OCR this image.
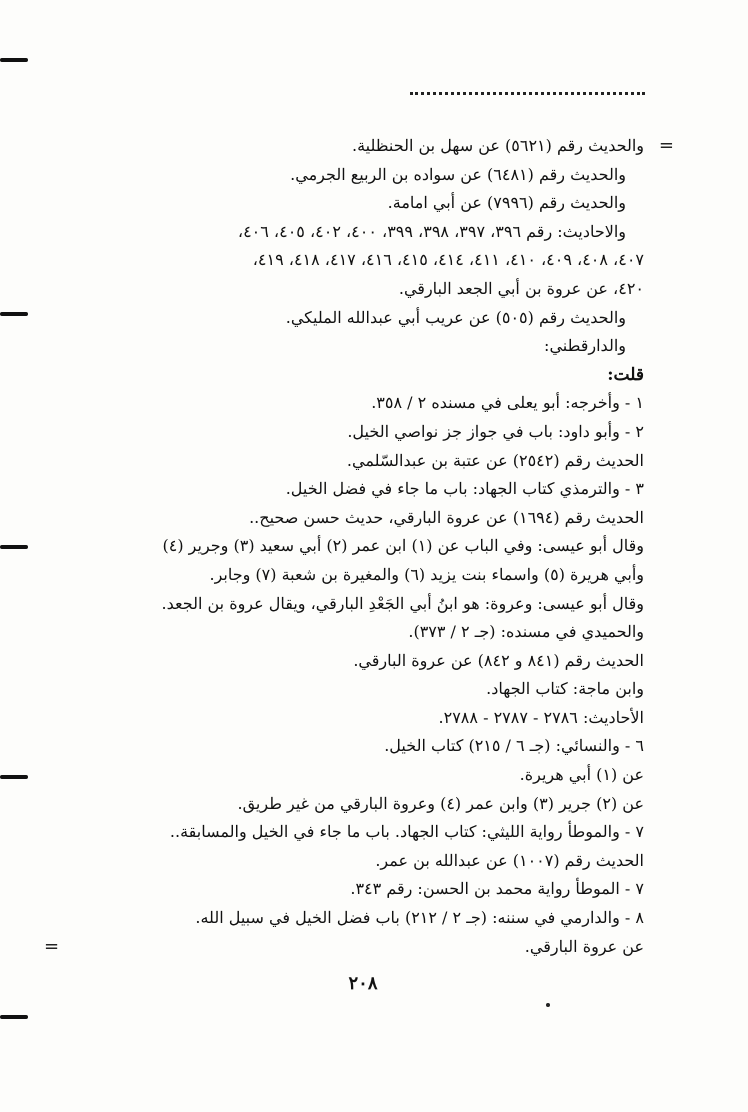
=
والحديث رقم (٥٦٢١) عن سهل بن الحنظلية.
والحديث رقم (٦٤٨١) عن سواده بن الربيع الجرمي.
والحديث رقم (٧٩٩٦) عن أبي امامة.
والاحاديث: رقم ٣٩٦، ٣٩٧، ٣٩٨، ٣٩٩، ٤٠٠، ٤٠٢، ٤٠٥، ٤٠٦،
٤٠٧، ٤٠٨، ٤٠٩، ٤١٠، ٤١١، ٤١٤، ٤١٥، ٤١٦، ٤١٧، ٤١٨، ٤١٩،
٤٢٠، عن عروة بن أبي الجعد البارقي.
والحديث رقم (٥٠٥) عن عريب أبي عبدالله المليكي.
والدارقطني:
قلت:
١ - وأخرجه: أبو يعلى في مسنده ٢ / ٣٥٨.
٢ - وأبو داود: باب في جواز جز نواصي الخيل.
الحديث رقم (٢٥٤٢) عن عتبة بن عبدالسّلمي.
٣ - والترمذي كتاب الجهاد: باب ما جاء في فضل الخيل.
الحديث رقم (١٦٩٤) عن عروة البارقي، حديث حسن صحيح..
وقال أبو عيسى: وفي الباب عن (١) ابن عمر (٢) أبي سعيد (٣) وجرير (٤)
وأبي هريرة (٥) واسماء بنت يزيد (٦) والمغيرة بن شعبة (٧) وجابر.
وقال أبو عيسى: وعروة: هو ابنُ أبي الجَعْدِ البارقي، ويقال عروة بن الجعد.
والحميدي في مسنده: (جـ ٢ / ٣٧٣).
الحديث رقم (٨٤١ و ٨٤٢) عن عروة البارقي.
وابن ماجة: كتاب الجهاد.
الأحاديث: ٢٧٨٦ - ٢٧٨٧ - ٢٧٨٨.
٦ - والنسائي: (جـ ٦ / ٢١٥) كتاب الخيل.
عن (١) أبي هريرة.
عن (٢) جرير (٣) وابن عمر (٤) وعروة البارقي من غير طريق.
٧ - والموطأ رواية الليثي: كتاب الجهاد. باب ما جاء في الخيل والمسابقة..
الحديث رقم (١٠٠٧) عن عبدالله بن عمر.
٧ - الموطأ رواية محمد بن الحسن: رقم ٣٤٣.
٨ - والدارمي في سننه: (جـ ٢ / ٢١٢) باب فضل الخيل في سبيل الله.
عن عروة البارقي.
=
٢٠٨
